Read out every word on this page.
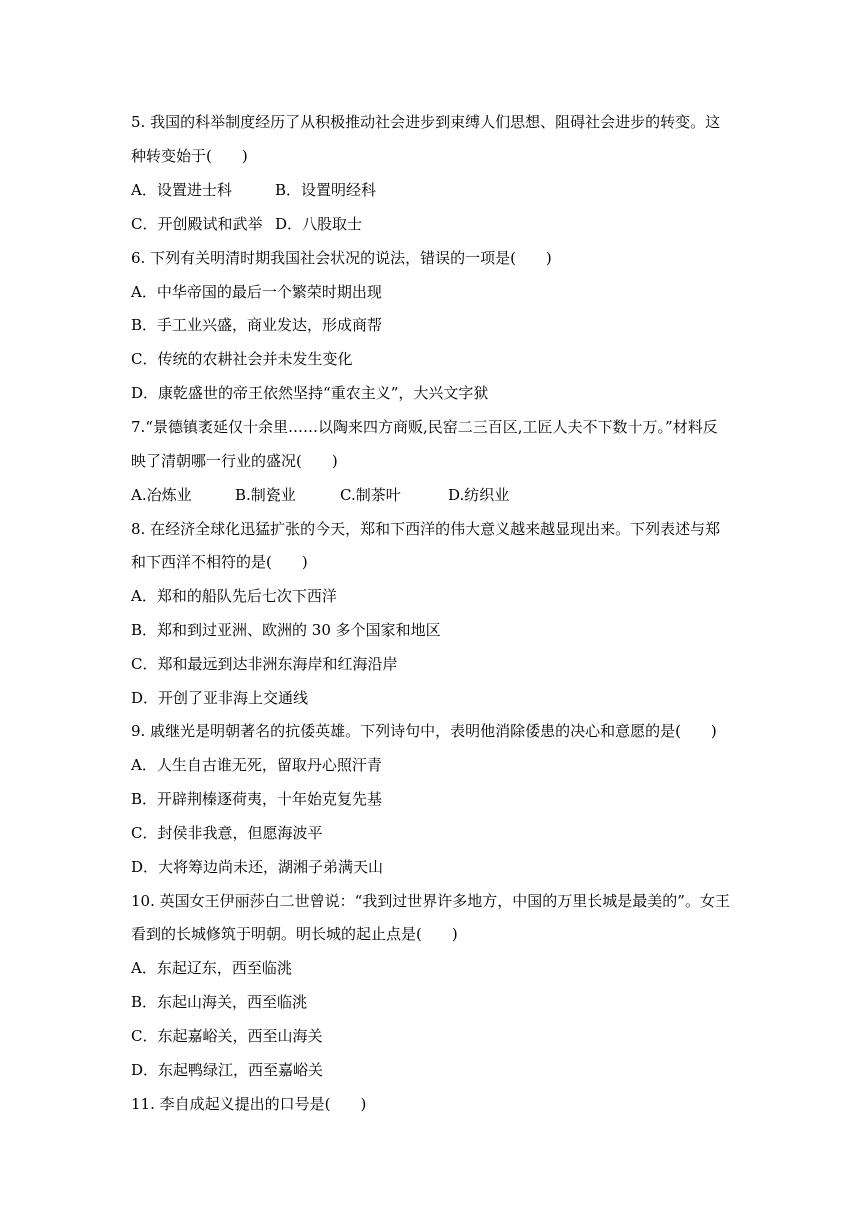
5. 我国的科举制度经历了从积极推动社会进步到束缚人们思想、阻碍社会进步的转变。这
种转变始于(　　)
A．设置进士科	B．设置明经科
C．开创殿试和武举 D．八股取士
6. 下列有关明清时期我国社会状况的说法，错误的一项是(　　)
A．中华帝国的最后一个繁荣时期出现
B．手工业兴盛，商业发达，形成商帮
C．传统的农耕社会并未发生变化
D．康乾盛世的帝王依然坚持“重农主义”，大兴文字狱
7.“景德镇袤延仅十余里……以陶来四方商贩,民窑二三百区,工匠人夫不下数十万。”材料反
映了清朝哪一行业的盛况(　　)
A.冶炼业	B.制瓷业	C.制茶叶	D.纺织业
8. 在经济全球化迅猛扩张的今天，郑和下西洋的伟大意义越来越显现出来。下列表述与郑
和下西洋不相符的是(　　)
A．郑和的船队先后七次下西洋
B．郑和到过亚洲、欧洲的 30 多个国家和地区
C．郑和最远到达非洲东海岸和红海沿岸
D．开创了亚非海上交通线
9. 戚继光是明朝著名的抗倭英雄。下列诗句中，表明他消除倭患的决心和意愿的是(　　)
A．人生自古谁无死，留取丹心照汗青
B．开辟荆榛逐荷夷，十年始克复先基
C．封侯非我意，但愿海波平
D．大将筹边尚未还，湖湘子弟满天山
10. 英国女王伊丽莎白二世曾说：“我到过世界许多地方，中国的万里长城是最美的”。女王
看到的长城修筑于明朝。明长城的起止点是(　　)
A．东起辽东，西至临洮
B．东起山海关，西至临洮
C．东起嘉峪关，西至山海关
D．东起鸭绿江，西至嘉峪关
11. 李自成起义提出的口号是(　　)
